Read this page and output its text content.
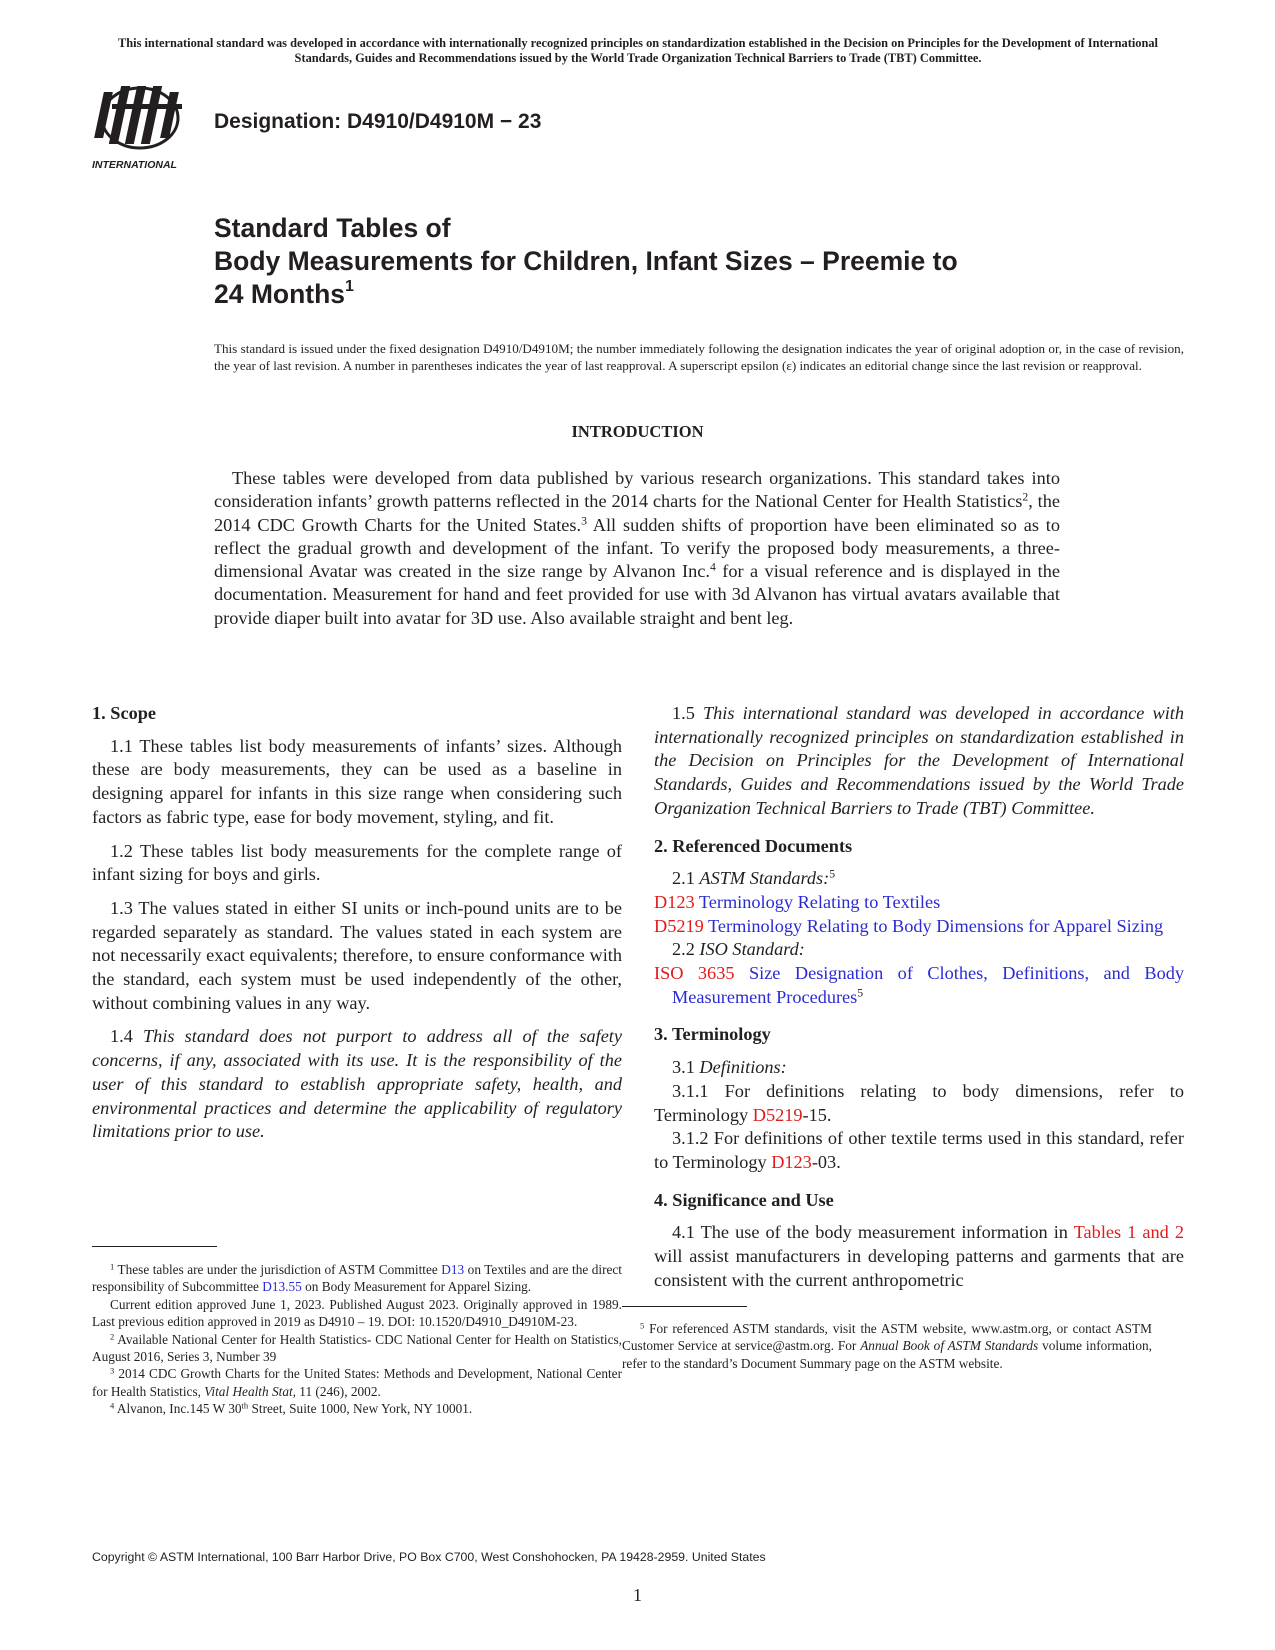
This international standard was developed in accordance with internationally recognized principles on standardization established in the Decision on Principles for the Development of International Standards, Guides and Recommendations issued by the World Trade Organization Technical Barriers to Trade (TBT) Committee.
INTERNATIONAL
Designation: D4910/D4910M − 23
Standard Tables of
Body Measurements for Children, Infant Sizes – Preemie to
24 Months$^1$
This standard is issued under the fixed designation D4910/D4910M; the number immediately following the designation indicates the year of original adoption or, in the case of revision, the year of last revision. A number in parentheses indicates the year of last reapproval. A superscript epsilon (ε) indicates an editorial change since the last revision or reapproval.
INTRODUCTION
These tables were developed from data published by various research organizations. This standard takes into consideration infants’ growth patterns reflected in the 2014 charts for the National Center for Health Statistics$^2$, the 2014 CDC Growth Charts for the United States.$^3$ All sudden shifts of proportion have been eliminated so as to reflect the gradual growth and development of the infant. To verify the proposed body measurements, a three-dimensional Avatar was created in the size range by Alvanon Inc.$^4$ for a visual reference and is displayed in the documentation. Measurement for hand and feet provided for use with 3d Alvanon has virtual avatars available that provide diaper built into avatar for 3D use. Also available straight and bent leg.
1. Scope

1.1 These tables list body measurements of infants’ sizes. Although these are body measurements, they can be used as a baseline in designing apparel for infants in this size range when considering such factors as fabric type, ease for body movement, styling, and fit.

1.2 These tables list body measurements for the complete range of infant sizing for boys and girls.

1.3 The values stated in either SI units or inch-pound units are to be regarded separately as standard. The values stated in each system are not necessarily exact equivalents; therefore, to ensure conformance with the standard, each system must be used independently of the other, without combining values in any way.

1.4 This standard does not purport to address all of the safety concerns, if any, associated with its use. It is the responsibility of the user of this standard to establish appropriate safety, health, and environmental practices and determine the applicability of regulatory limitations prior to use.

$^1$ These tables are under the jurisdiction of ASTM Committee D13 on Textiles and are the direct responsibility of Subcommittee D13.55 on Body Measurement for Apparel Sizing.

Current edition approved June 1, 2023. Published August 2023. Originally approved in 1989. Last previous edition approved in 2019 as D4910 – 19. DOI: 10.1520/D4910_D4910M-23.

$^2$ Available National Center for Health Statistics- CDC National Center for Health on Statistics, August 2016, Series 3, Number 39

$^3$ 2014 CDC Growth Charts for the United States: Methods and Development, National Center for Health Statistics, Vital Health Stat, 11 (246), 2002.

$^4$ Alvanon, Inc.145 W 30th Street, Suite 1000, New York, NY 10001.

1.5 This international standard was developed in accordance with internationally recognized principles on standardization established in the Decision on Principles for the Development of International Standards, Guides and Recommendations issued by the World Trade Organization Technical Barriers to Trade (TBT) Committee.

2. Referenced Documents

2.1 ASTM Standards:$^5$

D123 Terminology Relating to Textiles

D5219 Terminology Relating to Body Dimensions for Apparel Sizing

2.2 ISO Standard:

ISO 3635 Size Designation of Clothes, Definitions, and Body Measurement Procedures$^5$

3. Terminology

3.1 Definitions:

3.1.1 For definitions relating to body dimensions, refer to Terminology D5219-15.

3.1.2 For definitions of other textile terms used in this standard, refer to Terminology D123-03.

4. Significance and Use

4.1 The use of the body measurement information in Tables 1 and 2 will assist manufacturers in developing patterns and garments that are consistent with the current anthropometric

$^5$ For referenced ASTM standards, visit the ASTM website, www.astm.org, or contact ASTM Customer Service at service@astm.org. For Annual Book of ASTM Standards volume information, refer to the standard’s Document Summary page on the ASTM website.

Copyright © ASTM International, 100 Barr Harbor Drive, PO Box C700, West Conshohocken, PA 19428-2959. United States
1
